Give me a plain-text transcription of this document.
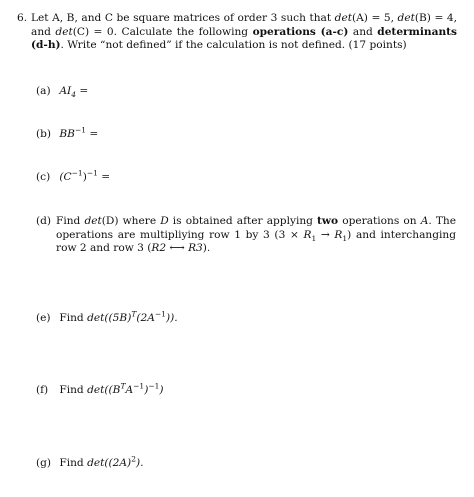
6. Let A, B, and C be square matrices of order 3 such that det(A) = 5, det(B) = 4, and det(C) = 0. Calculate the following operations (a-c) and determinants (d-h). Write “not defined” if the calculation is not defined. (17 points)
(a) $AI_4$ =
(b) $BB^{-1}$ =
(c) $(C^{-1})^{-1}$ =
(d) Find det(D) where D is obtained after applying two operations on A. The operations are multipliying row 1 by 3 $(3 \times R_1 \to R_1)$ and interchanging row 2 and row 3 (R2 ⟷ R3).
(e) Find $\det((5B)^T(2A^{-1}))$.
(f) Find $\det((B^TA^{-1})^{-1})$
(g) Find $\det((2A)^2)$.
